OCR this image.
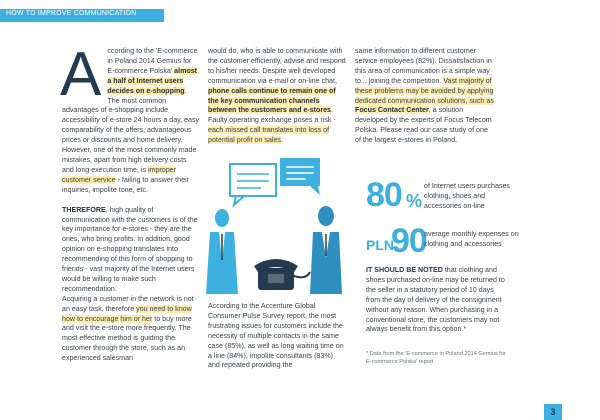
HOW TO IMPROVE COMMUNICATION

According to the 'E-commerce in Poland 2014 Gemius for E-commerce Polska' almost a half of Internet users decides on e-shopping. The most common advantages of e-shopping include accessibility of e-store 24 hours a day, easy comparability of the offers, advantageous prices or discounts and home delivery. However, one of the most commonly made mistakes, apart from high delivery costs and long execution time, is improper customer service - failing to answer their inquiries, impolite tone, etc.

THEREFORE, high quality of communication with the customers is of the key importance for e-stores - they are the ones, who bring profits. In addition, good opinion on e-shopping translates into recommending of this form of shopping to friends - vast majority of the Internet users would be willing to make such recommendation.

Acquiring a customer in the network is not an easy task, therefore you need to know how to encourage him or her to buy more and visit the e-store more frequently. The most effective method is guiding the customer through the store, such as an experienced salesman

would do, who is able to communicate with the customer efficiently, advise and respond to his/her needs. Despite well developed communication via e-mail or on-line chat, phone calls continue to remain one of the key communication channels between the customers and e-stores. Faulty operating exchange poses a risk - each missed call translates into loss of potential profit on sales.

According to the Accenture Global Consumer Pulse Survey report, the most frustrating issues for customers include the necessity of multiple contacts in the same case (85%), as well as long waiting time on a line (84%), impolite consultants (83%) and repeated providing the

same information to different customer service employees (82%). Dissatisfaction in this area of communication is a simple way to... joining the competition. Vast majority of these problems may be avoided by applying dedicated communication solutions, such as Focus Contact Center, a solution developed by the experts of Focus Telecom Polska. Please read our case study of one of the largest e-stores in Poland.

80 %
of Internet users purchases clothing, shoes and accessories on-line
PLN
90
average monthly expenses on clothing and accessories
IT SHOULD BE NOTED that clothing and shoes purchased on-line may be returned to the seller in a statutory period of 10 days from the day of delivery of the consignment without any reason. When purchasing in a conventional store, the customers may not always benefit from this option.*
* Data from the 'E-commerce in Poland 2014 Gemius for E-commerce Polska' report
3
